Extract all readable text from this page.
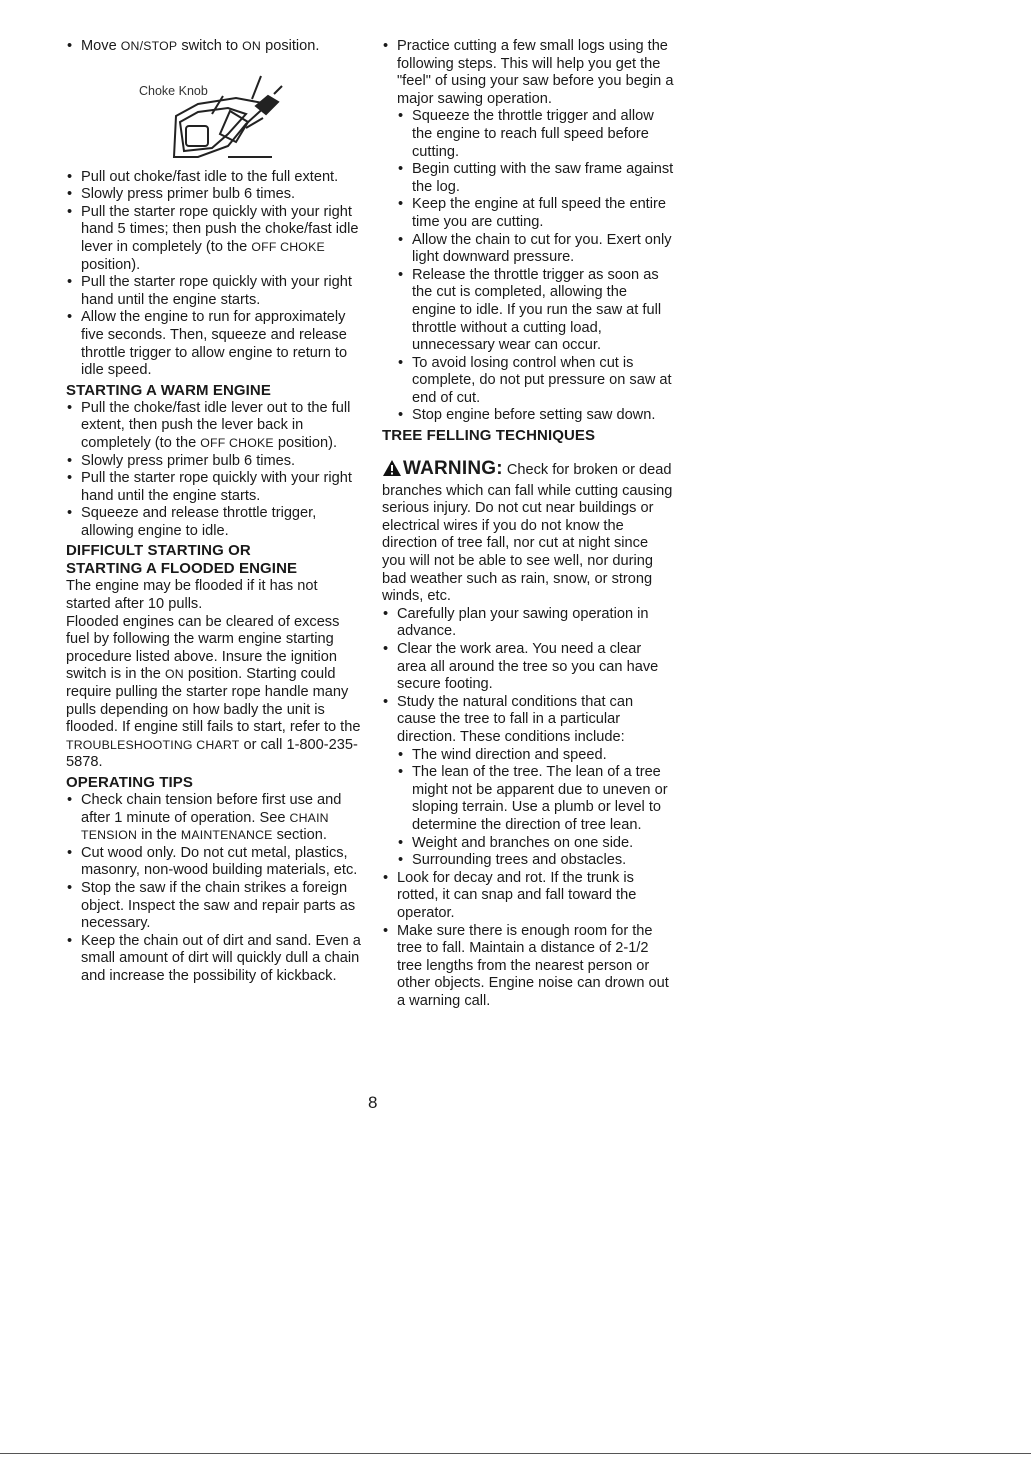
• Move ON/STOP switch to ON position.

Choke Knob

• Pull out choke/fast idle to the full extent.

• Slowly press primer bulb 6 times.

• Pull the starter rope quickly with your right hand 5 times; then push the choke/fast idle lever in completely (to the OFF CHOKE position).

• Pull the starter rope quickly with your right hand until the engine starts.

• Allow the engine to run for approximately five seconds. Then, squeeze and release throttle trigger to allow engine to return to idle speed.

STARTING A WARM ENGINE

• Pull the choke/fast idle lever out to the full extent, then push the lever back in completely (to the OFF CHOKE position).

• Slowly press primer bulb 6 times.

• Pull the starter rope quickly with your right hand until the engine starts.

• Squeeze and release throttle trigger, allowing engine to idle.

DIFFICULT STARTING OR
STARTING A FLOODED ENGINE

The engine may be flooded if it has not started after 10 pulls.

Flooded engines can be cleared of excess fuel by following the warm engine starting procedure listed above. Insure the ignition switch is in the ON position. Starting could require pulling the starter rope handle many pulls depending on how badly the unit is flooded. If engine still fails to start, refer to the TROUBLESHOOTING CHART or call 1-800-235-5878.

OPERATING TIPS

• Check chain tension before first use and after 1 minute of operation. See CHAIN TENSION in the MAINTENANCE section.

• Cut wood only. Do not cut metal, plastics, masonry, non-wood building materials, etc.

• Stop the saw if the chain strikes a foreign object. Inspect the saw and repair parts as necessary.

• Keep the chain out of dirt and sand. Even a small amount of dirt will quickly dull a chain and increase the possibility of kickback.

• Practice cutting a few small logs using the following steps. This will help you get the "feel" of using your saw before you begin a major sawing operation.

• Squeeze the throttle trigger and allow the engine to reach full speed before cutting.

• Begin cutting with the saw frame against the log.

• Keep the engine at full speed the entire time you are cutting.

• Allow the chain to cut for you. Exert only light downward pressure.

• Release the throttle trigger as soon as the cut is completed, allowing the engine to idle. If you run the saw at full throttle without a cutting load, unnecessary wear can occur.

• To avoid losing control when cut is complete, do not put pressure on saw at end of cut.

• Stop engine before setting saw down.

TREE FELLING TECHNIQUES

WARNING: Check for broken or dead branches which can fall while cutting causing serious injury. Do not cut near buildings or electrical wires if you do not know the direction of tree fall, nor cut at night since you will not be able to see well, nor during bad weather such as rain, snow, or strong winds, etc.

• Carefully plan your sawing operation in advance.

• Clear the work area. You need a clear area all around the tree so you can have secure footing.

• Study the natural conditions that can cause the tree to fall in a particular direction. These conditions include:

• The wind direction and speed.

• The lean of the tree. The lean of a tree might not be apparent due to uneven or sloping terrain. Use a plumb or level to determine the direction of tree lean.

• Weight and branches on one side.

• Surrounding trees and obstacles.

• Look for decay and rot. If the trunk is rotted, it can snap and fall toward the operator.

• Make sure there is enough room for the tree to fall. Maintain a distance of 2-1/2 tree lengths from the nearest person or other objects. Engine noise can drown out a warning call.

8
